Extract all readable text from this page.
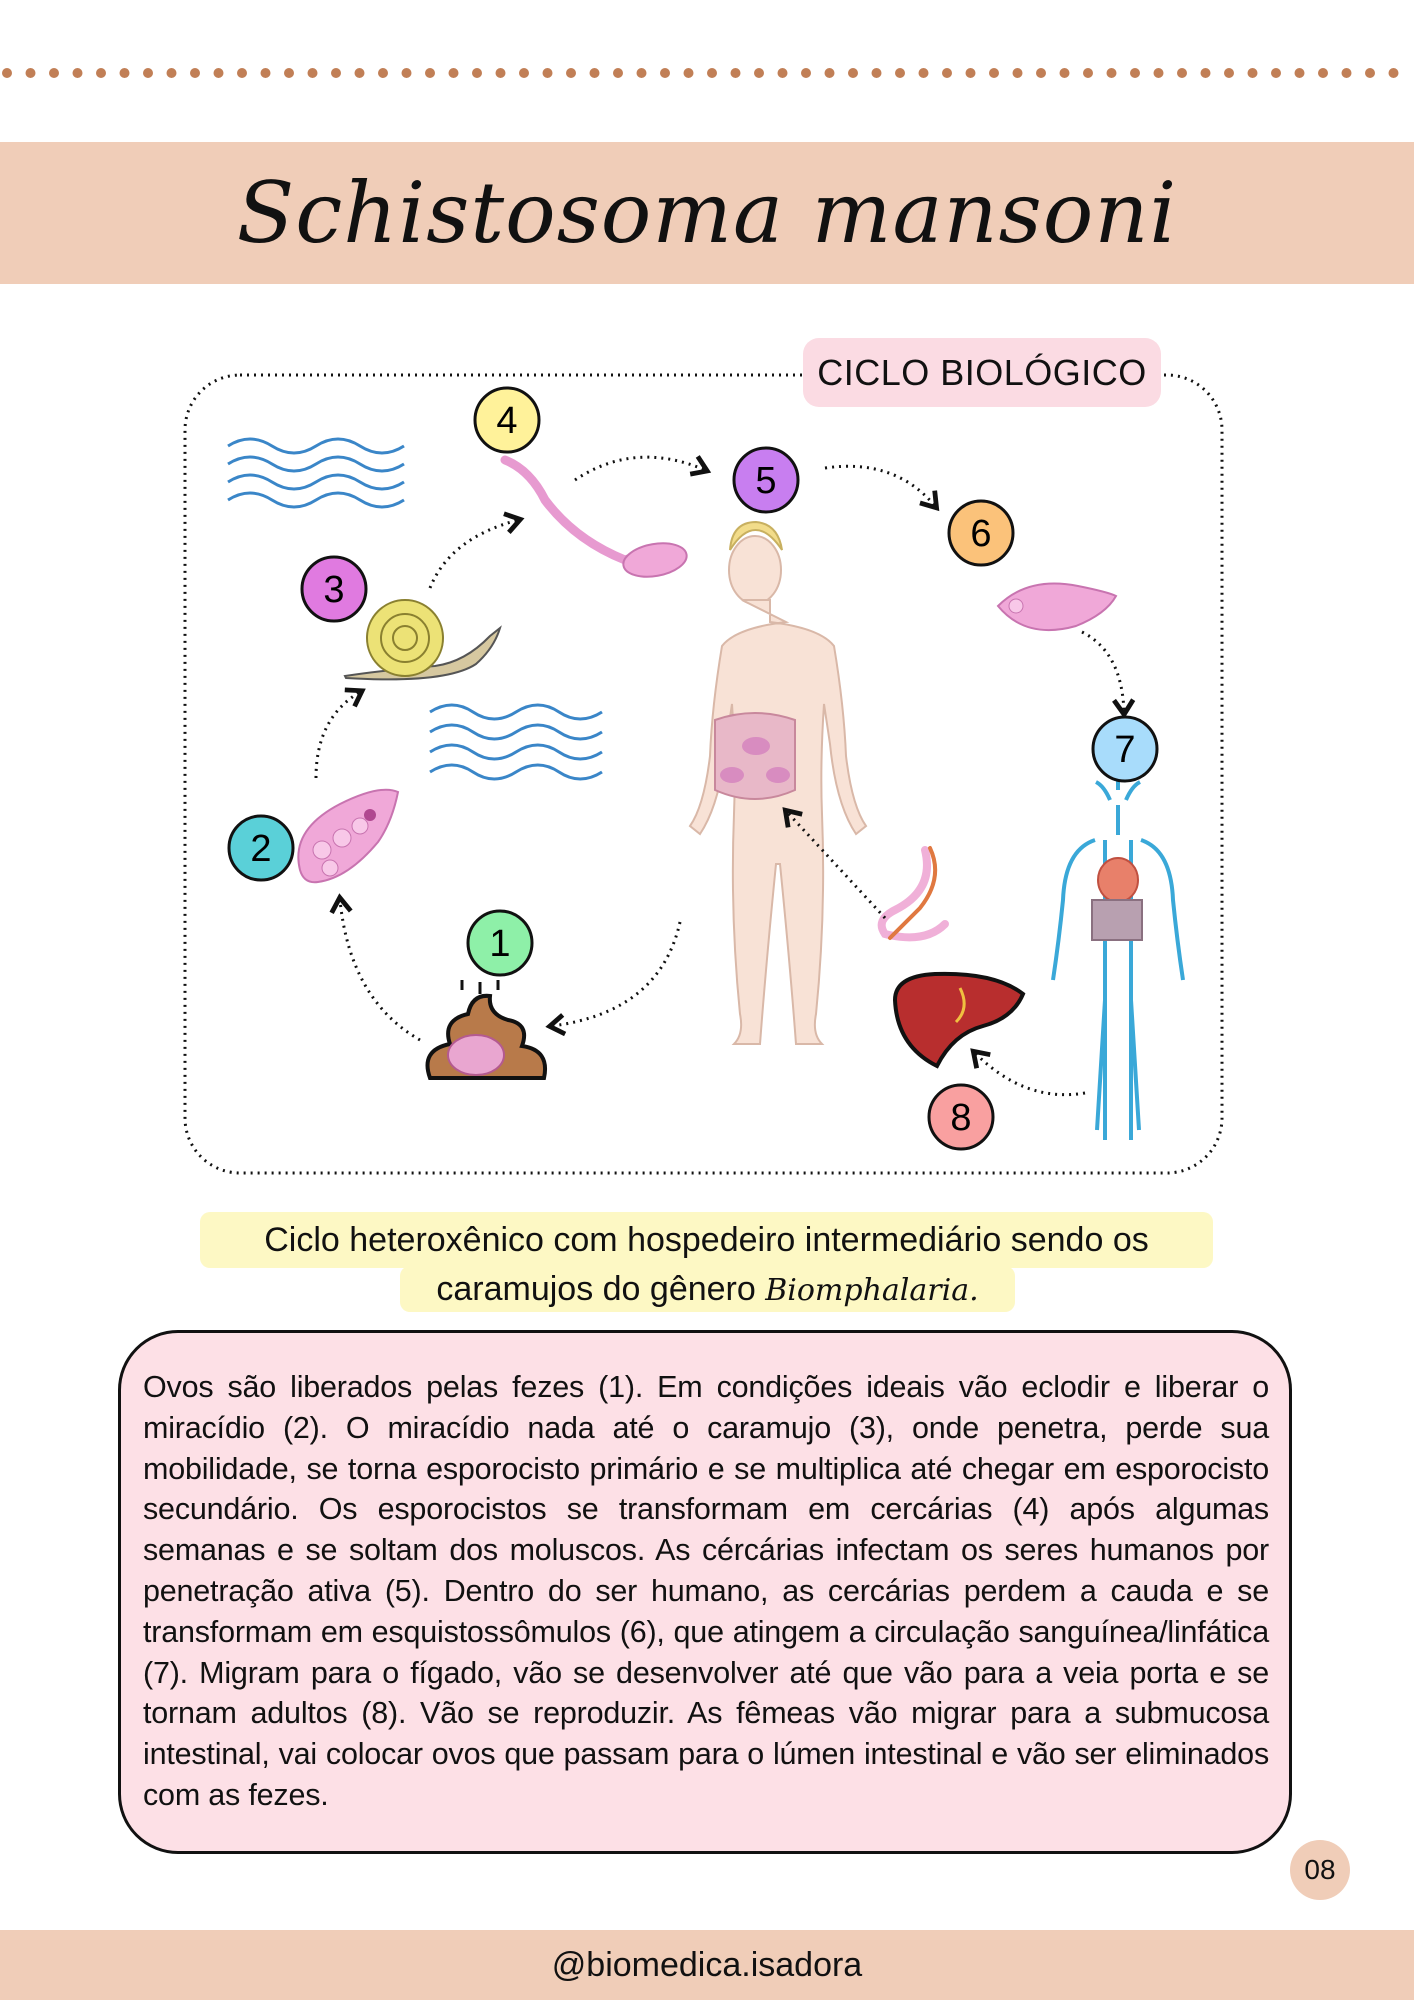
Schistosoma mansoni
1
2
3
4
5
6
7
8
CICLO BIOLÓGICO
Ciclo heteroxênico com hospedeiro intermediário sendo os
caramujos do gênero Biomphalaria.
Ovos são liberados pelas fezes (1). Em condições ideais vão eclodir e liberar o miracídio (2). O miracídio nada até o caramujo (3), onde penetra, perde sua mobilidade, se torna esporocisto primário e se multiplica até chegar em esporocisto secundário. Os esporocistos se transformam em cercárias (4) após algumas semanas e se soltam dos moluscos. As cércárias infectam os seres humanos por penetração ativa (5). Dentro do ser humano, as cercárias perdem a cauda e se transformam em esquistossômulos (6), que atingem a circulação sanguínea/linfática (7). Migram para o fígado, vão se desenvolver até que vão para a veia porta e se tornam adultos (8). Vão se reproduzir. As fêmeas vão migrar para a submucosa intestinal, vai colocar ovos que passam para o lúmen intestinal e vão ser eliminados com as fezes.
08
@biomedica.isadora
